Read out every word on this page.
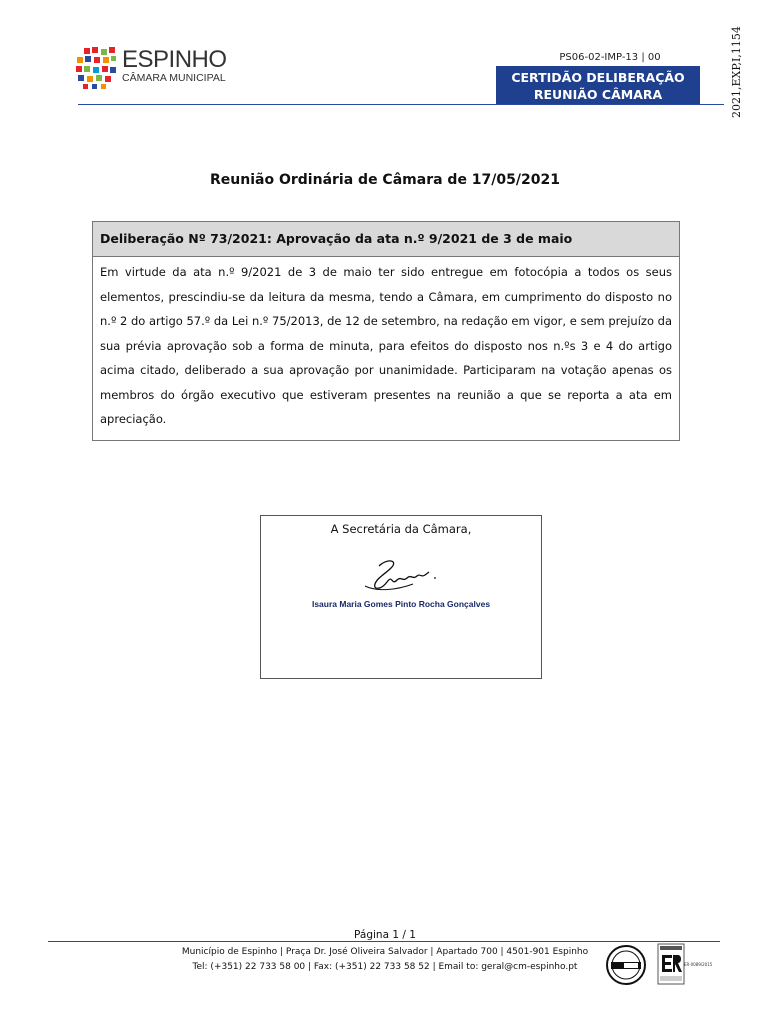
2021,EXP,I,1154
ESPINHO
CÂMARA MUNICIPAL
PS06-02-IMP-13 | 00
CERTIDÃO DELIBERAÇÃO
REUNIÃO CÂMARA
Reunião Ordinária de Câmara de 17/05/2021
Deliberação Nº 73/2021: Aprovação da ata n.º 9/2021 de 3 de maio
Em virtude da ata n.º 9/2021 de 3 de maio ter sido entregue em fotocópia a todos os seus elementos, prescindiu-se da leitura da mesma, tendo a Câmara, em cumprimento do disposto no n.º 2 do artigo 57.º da Lei n.º 75/2013, de 12 de setembro, na redação em vigor, e sem prejuízo da sua prévia aprovação sob a forma de minuta, para efeitos do disposto nos n.ºs 3 e 4 do artigo acima citado, deliberado a sua aprovação por unanimidade. Participaram na votação apenas os membros do órgão executivo que estiveram presentes na reunião a que se reporta a ata em apreciação.
A Secretária da Câmara,
Isaura Maria Gomes Pinto Rocha Gonçalves
Página 1 / 1
Município de Espinho | Praça Dr. José Oliveira Salvador | Apartado 700 | 4501-901 Espinho
Tel: (+351) 22 733 58 00 | Fax: (+351) 22 733 58 52 | Email to: geral@cm-espinho.pt	ER-0089/2015
